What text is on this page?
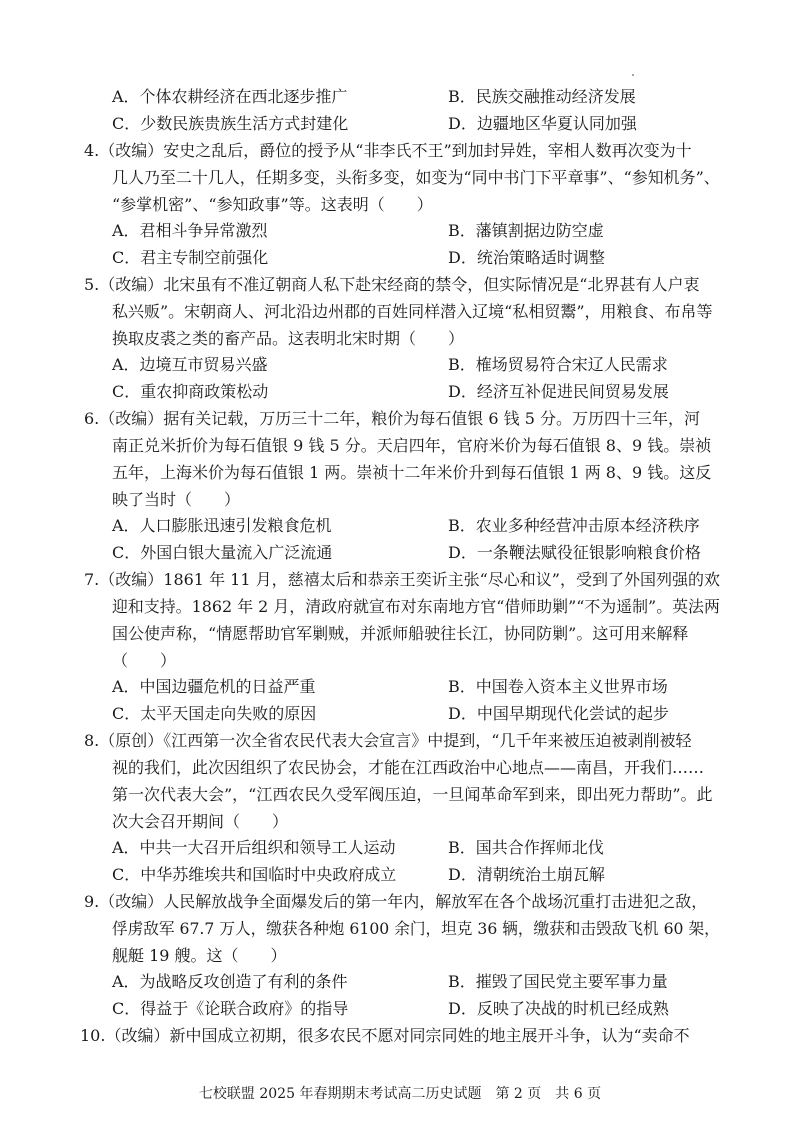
A．个体农耕经济在西北逐步推广	B．民族交融推动经济发展
C．少数民族贵族生活方式封建化	D．边疆地区华夏认同加强
4.（改编）安史之乱后，爵位的授予从“非李氏不王”到加封异姓，宰相人数再次变为十
几人乃至二十几人，任期多变，头衔多变，如变为“同中书门下平章事”、“参知机务”、
“参掌机密”、“参知政事”等。这表明（　　）
A．君相斗争异常激烈	B．藩镇割据边防空虚
C．君主专制空前强化	D．统治策略适时调整
5.（改编）北宋虽有不准辽朝商人私下赴宋经商的禁令，但实际情况是“北界甚有人户衷
私兴贩”。宋朝商人、河北沿边州郡的百姓同样潜入辽境“私相贸鬻”，用粮食、布帛等
换取皮裘之类的畜产品。这表明北宋时期（　　）
A．边境互市贸易兴盛	B．榷场贸易符合宋辽人民需求
C．重农抑商政策松动	D．经济互补促进民间贸易发展
6.（改编）据有关记载，万历三十二年，粮价为每石值银 6 钱 5 分。万历四十三年，河
南正兑米折价为每石值银 9 钱 5 分。天启四年，官府米价为每石值银 8、9 钱。崇祯
五年，上海米价为每石值银 1 两。崇祯十二年米价升到每石值银 1 两 8、9 钱。这反
映了当时（　　）
A．人口膨胀迅速引发粮食危机	B．农业多种经营冲击原本经济秩序
C．外国白银大量流入广泛流通	D．一条鞭法赋役征银影响粮食价格
7.（改编）1861 年 11 月，慈禧太后和恭亲王奕䜣主张“尽心和议”，受到了外国列强的欢
迎和支持。1862 年 2 月，清政府就宣布对东南地方官“借师助剿”“不为遥制”。英法两
国公使声称，“情愿帮助官军剿贼，并派师船驶往长江，协同防剿”。这可用来解释
（　　）
A．中国边疆危机的日益严重	B．中国卷入资本主义世界市场
C．太平天国走向失败的原因	D．中国早期现代化尝试的起步
8.（原创）《江西第一次全省农民代表大会宣言》中提到，“几千年来被压迫被剥削被轻
视的我们，此次因组织了农民协会，才能在江西政治中心地点——南昌，开我们……
第一次代表大会”，“江西农民久受军阀压迫，一旦闻革命军到来，即出死力帮助”。此
次大会召开期间（　　）
A．中共一大召开后组织和领导工人运动	B．国共合作挥师北伐
C．中华苏维埃共和国临时中央政府成立	D．清朝统治土崩瓦解
9.（改编）人民解放战争全面爆发后的第一年内，解放军在各个战场沉重打击进犯之敌，
俘虏敌军 67.7 万人，缴获各种炮 6100 余门，坦克 36 辆，缴获和击毁敌飞机 60 架，
舰艇 19 艘。这（　　）
A．为战略反攻创造了有利的条件	B．摧毁了国民党主要军事力量
C．得益于《论联合政府》的指导	D．反映了决战的时机已经成熟
10.（改编）新中国成立初期，很多农民不愿对同宗同姓的地主展开斗争，认为“卖命不
七校联盟 2025 年春期期末考试高二历史试题　第 2 页　共 6 页
